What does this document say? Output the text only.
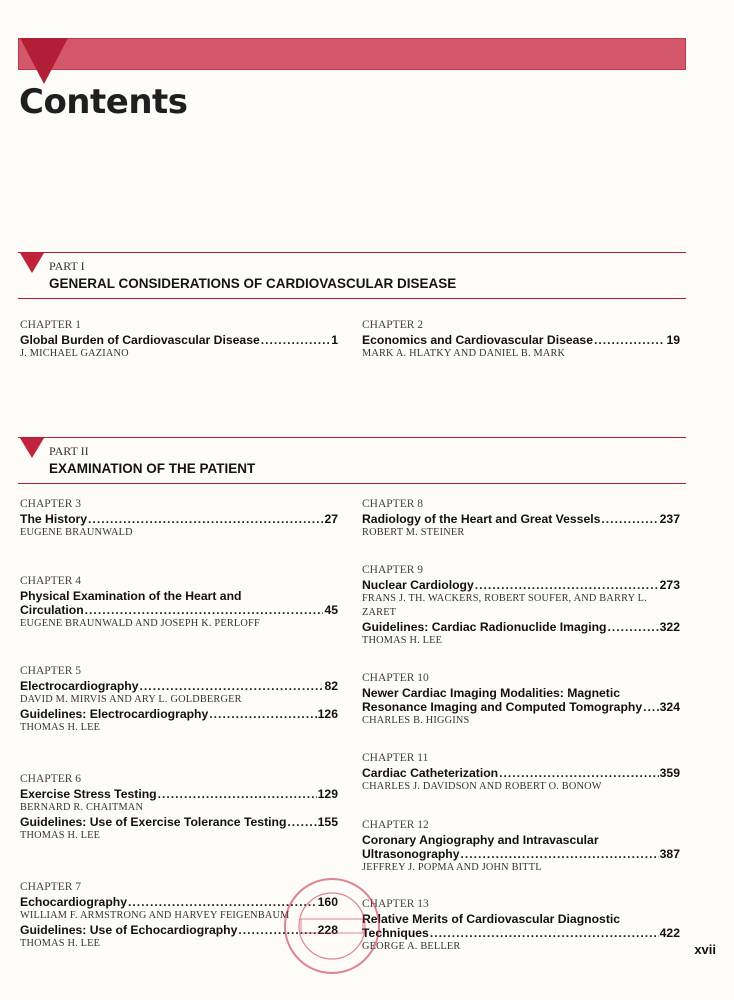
Contents
PART I
GENERAL CONSIDERATIONS OF CARDIOVASCULAR DISEASE
CHAPTER 1
Global Burden of Cardiovascular Disease .....	1
J. MICHAEL GAZIANO
CHAPTER 2
Economics and Cardiovascular Disease .....	19
MARK A. HLATKY AND DANIEL B. MARK
PART II
EXAMINATION OF THE PATIENT
CHAPTER 3
The History .....	27
EUGENE BRAUNWALD
CHAPTER 4
Physical Examination of the Heart and
Circulation .....	45
EUGENE BRAUNWALD AND JOSEPH K. PERLOFF
CHAPTER 5
Electrocardiography .....	82
DAVID M. MIRVIS AND ARY L. GOLDBERGER
Guidelines: Electrocardiography .....	126
THOMAS H. LEE
CHAPTER 6
Exercise Stress Testing .....	129
BERNARD R. CHAITMAN
Guidelines: Use of Exercise Tolerance Testing .....	155
THOMAS H. LEE
CHAPTER 7
Echocardiography .....	160
WILLIAM F. ARMSTRONG AND HARVEY FEIGENBAUM
Guidelines: Use of Echocardiography .....	228
THOMAS H. LEE
CHAPTER 8
Radiology of the Heart and Great Vessels .....	237
ROBERT M. STEINER
CHAPTER 9
Nuclear Cardiology .....	273
FRANS J. TH. WACKERS, ROBERT SOUFER, AND BARRY L. ZARET
Guidelines: Cardiac Radionuclide Imaging .....	322
THOMAS H. LEE
CHAPTER 10
Newer Cardiac Imaging Modalities: Magnetic
Resonance Imaging and Computed Tomography ..... 324
CHARLES B. HIGGINS
CHAPTER 11
Cardiac Catheterization .....	359
CHARLES J. DAVIDSON AND ROBERT O. BONOW
CHAPTER 12
Coronary Angiography and Intravascular
Ultrasonography .....	387
JEFFREY J. POPMA AND JOHN BITTL
CHAPTER 13
Relative Merits of Cardiovascular Diagnostic
Techniques .....	422
GEORGE A. BELLER	xvii
